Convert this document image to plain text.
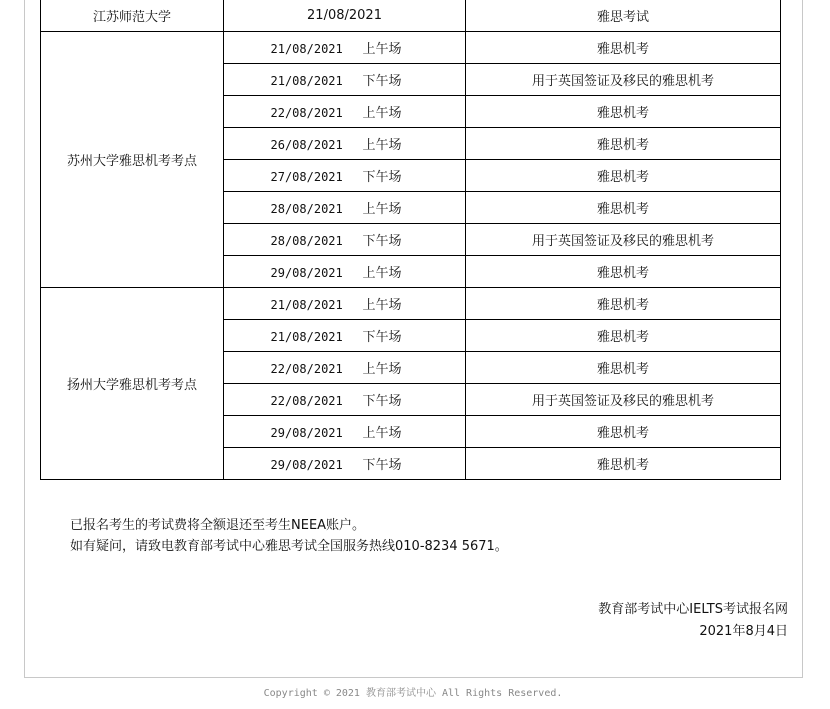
江苏师范大学	21/08/2021	雅思考试
苏州大学雅思机考考点	21/08/2021 上午场	雅思机考
	21/08/2021 下午场	用于英国签证及移民的雅思机考
	22/08/2021 上午场	雅思机考
	26/08/2021 上午场	雅思机考
	27/08/2021 下午场	雅思机考
	28/08/2021 上午场	雅思机考
	28/08/2021 下午场	用于英国签证及移民的雅思机考
	29/08/2021 上午场	雅思机考
扬州大学雅思机考考点	21/08/2021 上午场	雅思机考
	21/08/2021 下午场	雅思机考
	22/08/2021 上午场	雅思机考
	22/08/2021 下午场	用于英国签证及移民的雅思机考
	29/08/2021 上午场	雅思机考
	29/08/2021 下午场	雅思机考
已报名考生的考试费将全额退还至考生NEEA账户。
如有疑问，请致电教育部考试中心雅思考试全国服务热线010-8234 5671。
教育部考试中心IELTS考试报名网
2021年8月4日
Copyright © 2021 教育部考试中心 All Rights Reserved.
